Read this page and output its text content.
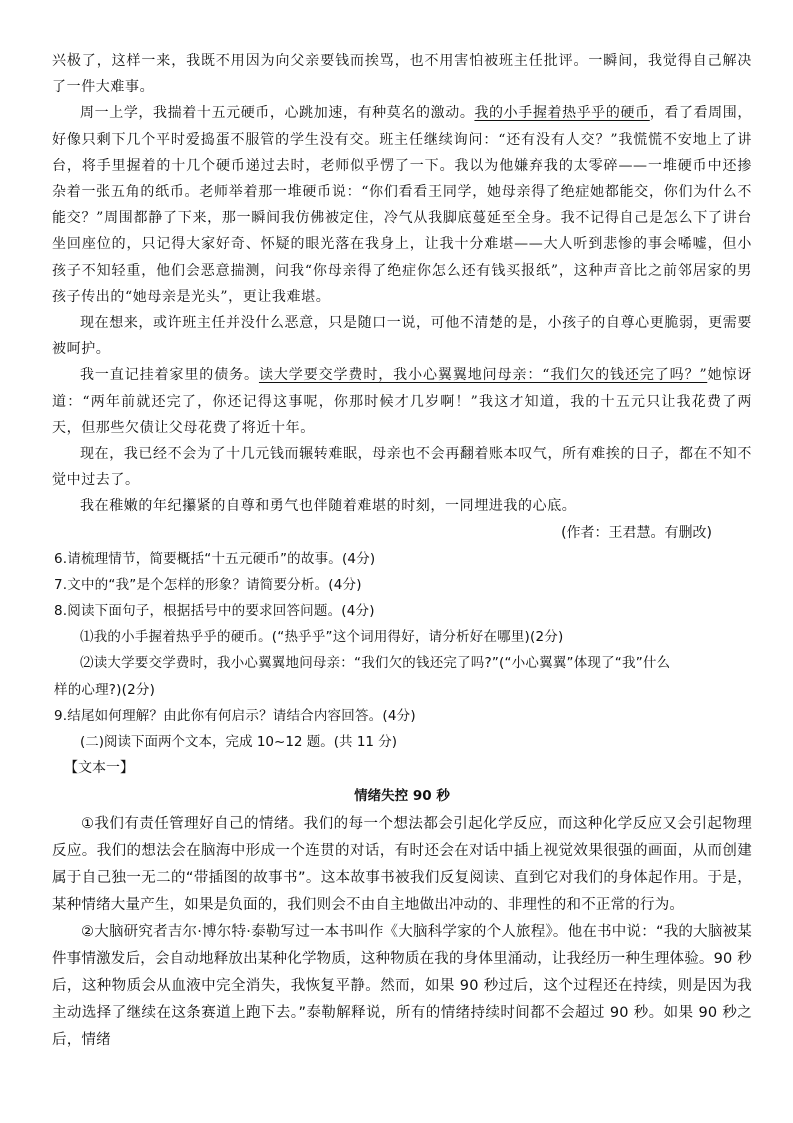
兴极了，这样一来，我既不用因为向父亲要钱而挨骂，也不用害怕被班主任批评。一瞬间，我觉得自己解决了一件大难事。

周一上学，我揣着十五元硬币，心跳加速，有种莫名的激动。我的小手握着热乎乎的硬币，看了看周围，好像只剩下几个平时爱捣蛋不服管的学生没有交。班主任继续询问：“还有没有人交？”我慌慌不安地上了讲台，将手里握着的十几个硬币递过去时，老师似乎愣了一下。我以为他嫌弃我的太零碎——一堆硬币中还掺杂着一张五角的纸币。老师举着那一堆硬币说：“你们看看王同学，她母亲得了绝症她都能交，你们为什么不能交？”周围都静了下来，那一瞬间我仿佛被定住，冷气从我脚底蔓延至全身。我不记得自己是怎么下了讲台坐回座位的，只记得大家好奇、怀疑的眼光落在我身上，让我十分难堪——大人听到悲惨的事会唏嘘，但小孩子不知轻重，他们会恶意揣测，问我“你母亲得了绝症你怎么还有钱买报纸”，这种声音比之前邻居家的男孩子传出的“她母亲是光头”，更让我难堪。

现在想来，或许班主任并没什么恶意，只是随口一说，可他不清楚的是，小孩子的自尊心更脆弱，更需要被呵护。

我一直记挂着家里的债务。读大学要交学费时，我小心翼翼地问母亲：“我们欠的钱还完了吗？”她惊讶道：“两年前就还完了，你还记得这事呢，你那时候才几岁啊！”我这才知道，我的十五元只让我花费了两天，但那些欠债让父母花费了将近十年。

现在，我已经不会为了十几元钱而辗转难眠，母亲也不会再翻着账本叹气，所有难挨的日子，都在不知不觉中过去了。

我在稚嫩的年纪攥紧的自尊和勇气也伴随着难堪的时刻，一同埋进我的心底。

(作者：王君慧。有删改)

6.请梳理情节，简要概括“十五元硬币”的故事。(4分)

7.文中的“我”是个怎样的形象？请简要分析。(4分)

8.阅读下面句子，根据括号中的要求回答问题。(4分)

⑴我的小手握着热乎乎的硬币。(“热乎乎”这个词用得好，请分析好在哪里)(2分)

⑵读大学要交学费时，我小心翼翼地问母亲：“我们欠的钱还完了吗?”(“小心翼翼”体现了“我”什么

样的心理?)(2分)

9.结尾如何理解？由此你有何启示？请结合内容回答。(4分)

(二)阅读下面两个文本，完成 10~12 题。(共 11 分)
【文本一】
情绪失控 90 秒

①我们有责任管理好自己的情绪。我们的每一个想法都会引起化学反应，而这种化学反应又会引起物理反应。我们的想法会在脑海中形成一个连贯的对话，有时还会在对话中插上视觉效果很强的画面，从而创建属于自己独一无二的“带插图的故事书”。这本故事书被我们反复阅读、直到它对我们的身体起作用。于是，某种情绪大量产生，如果是负面的，我们则会不由自主地做出冲动的、非理性的和不正常的行为。

②大脑研究者吉尔·博尔特·泰勒写过一本书叫作《大脑科学家的个人旅程》。他在书中说：“我的大脑被某件事情激发后，会自动地释放出某种化学物质，这种物质在我的身体里涌动，让我经历一种生理体验。90 秒后，这种物质会从血液中完全消失，我恢复平静。然而，如果 90 秒过后，这个过程还在持续，则是因为我主动选择了继续在这条赛道上跑下去。”泰勒解释说，所有的情绪持续时间都不会超过 90 秒。如果 90 秒之后，情绪
